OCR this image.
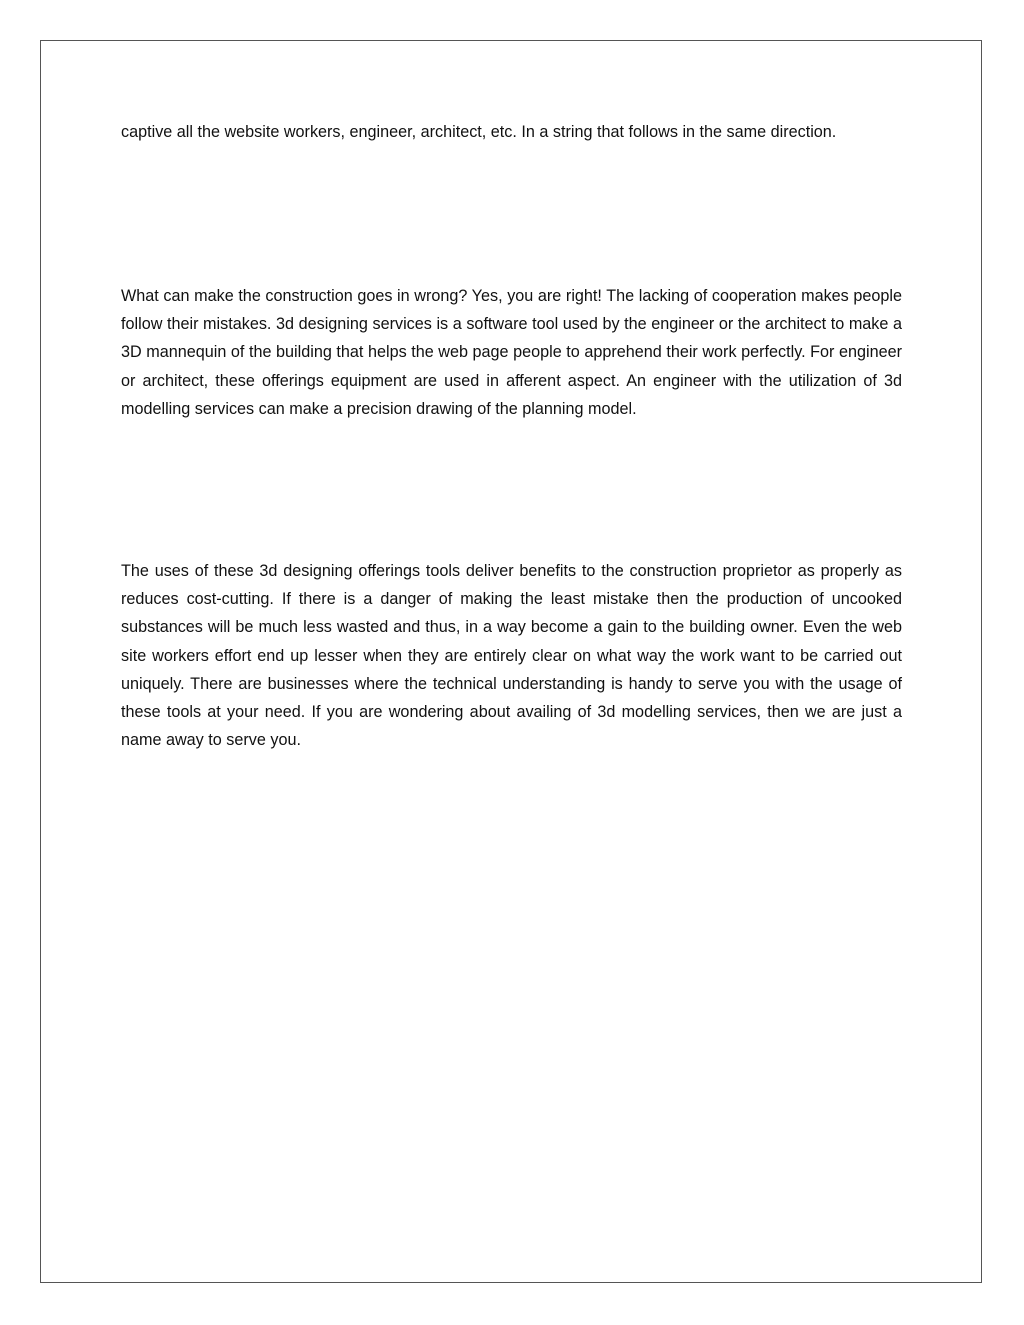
captive all the website workers, engineer, architect, etc. In a string that follows in the same direction.

What can make the construction goes in wrong? Yes, you are right! The lacking of cooperation makes people follow their mistakes. 3d designing services is a software tool used by the engineer or the architect to make a 3D mannequin of the building that helps the web page people to apprehend their work perfectly. For engineer or architect, these offerings equipment are used in afferent aspect. An engineer with the utilization of 3d modelling services can make a precision drawing of the planning model.

The uses of these 3d designing offerings tools deliver benefits to the construction proprietor as properly as reduces cost-cutting. If there is a danger of making the least mistake then the production of uncooked substances will be much less wasted and thus, in a way become a gain to the building owner. Even the web site workers effort end up lesser when they are entirely clear on what way the work want to be carried out uniquely. There are businesses where the technical understanding is handy to serve you with the usage of these tools at your need. If you are wondering about availing of 3d modelling services, then we are just a name away to serve you.
